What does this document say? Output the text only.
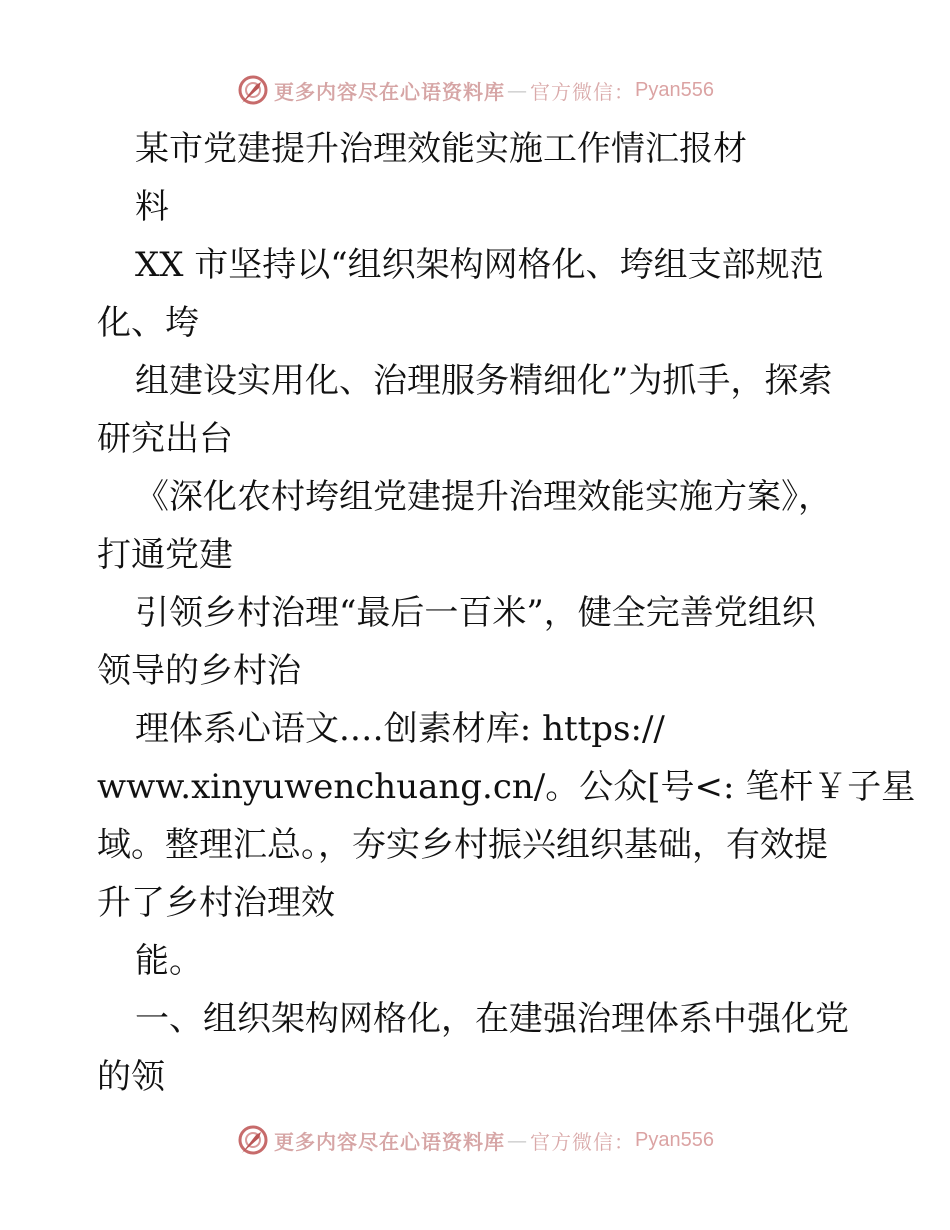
更多内容尽在心语资料库 — 官方微信： Pyan556
某市党建提升治理效能实施工作情汇报材
料
XX 市坚持以“组织架构网格化、垮组支部规范
化、垮
组建设实用化、治理服务精细化”为抓手，探索
研究出台
《深化农村垮组党建提升治理效能实施方案》，
打通党建
引领乡村治理“最后一百米”，健全完善党组织
领导的乡村治
理体系心语文.…创素材库: https://
www.xinyuwenchuang.cn/。公众[号<: 笔杆￥子星
域。整理汇总。，夯实乡村振兴组织基础，有效提
升了乡村治理效
能。
一、组织架构网格化，在建强治理体系中强化党
的领
更多内容尽在心语资料库 — 官方微信： Pyan556
